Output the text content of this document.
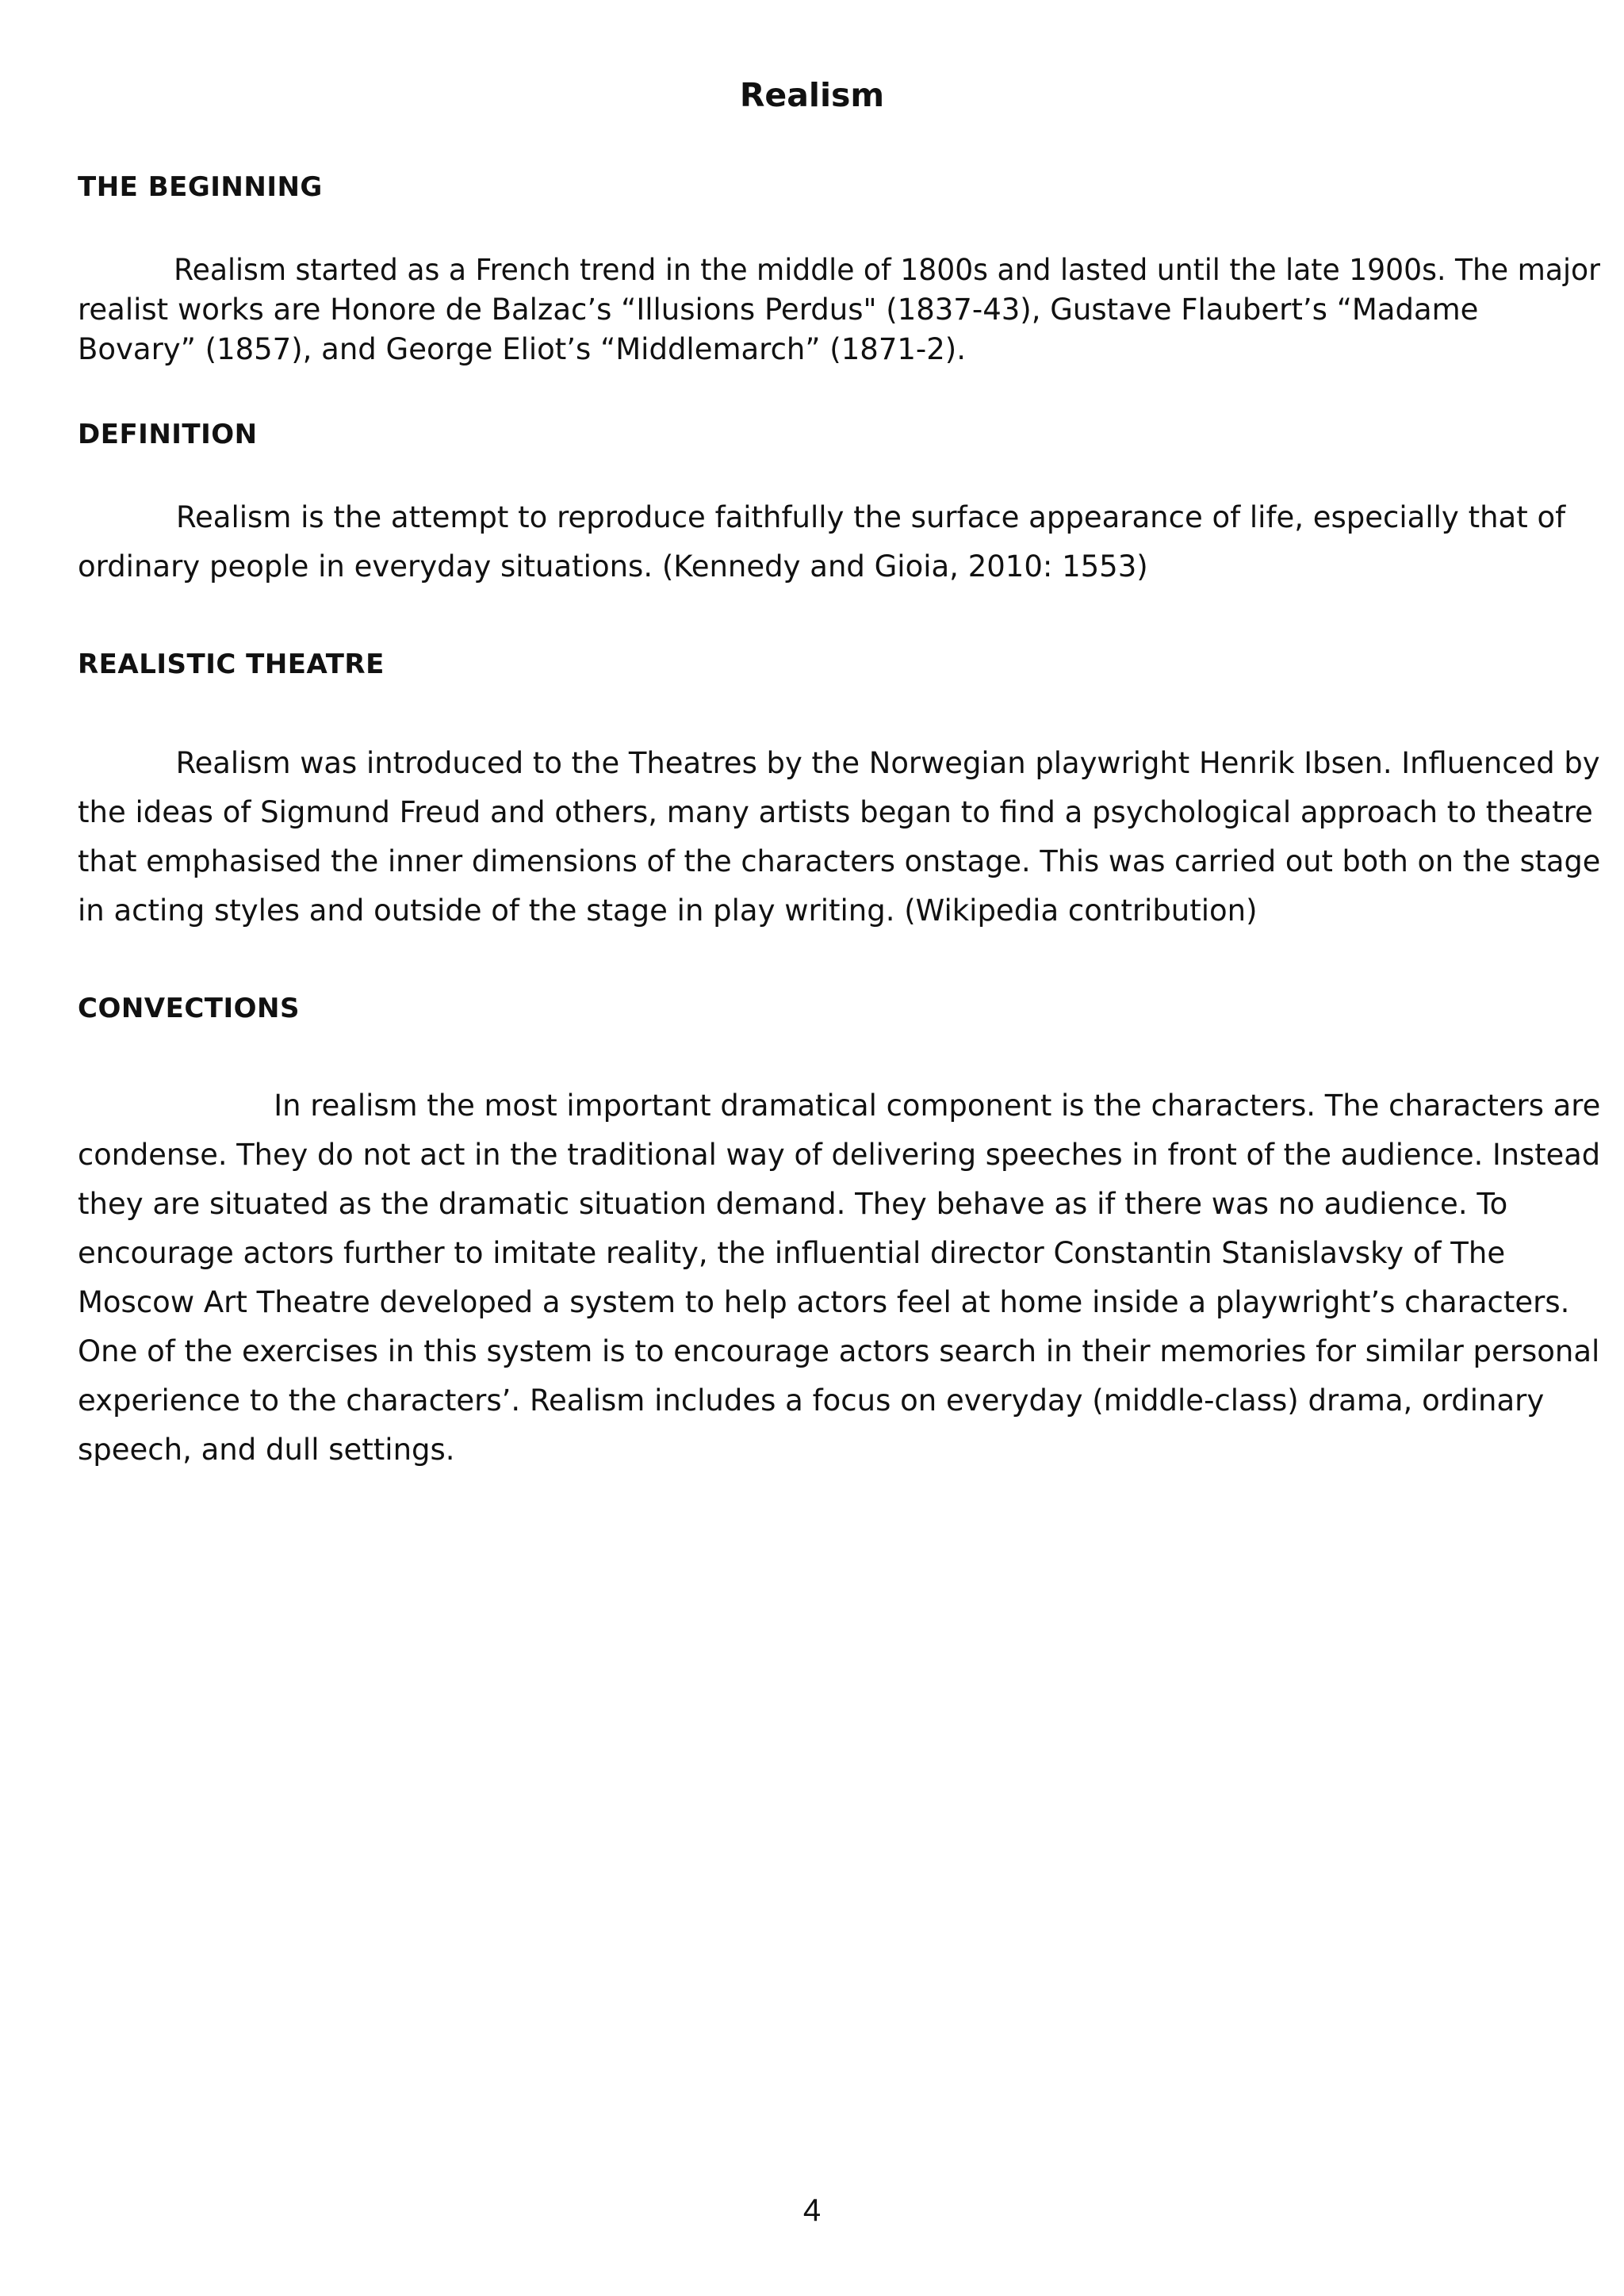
Realism
THE BEGINNING

Realism started as a French trend in the middle of 1800s and lasted until the late 1900s. The major
realist works are Honore de Balzac’s “Illusions Perdus" (1837-43), Gustave Flaubert’s “Madame
Bovary” (1857), and George Eliot’s “Middlemarch” (1871-2).

DEFINITION

Realism is the attempt to reproduce faithfully the surface appearance of life, especially that of
ordinary people in everyday situations. (Kennedy and Gioia, 2010: 1553)

REALISTIC THEATRE

Realism was introduced to the Theatres by the Norwegian playwright Henrik Ibsen. Influenced by
the ideas of Sigmund Freud and others, many artists began to find a psychological approach to theatre
that emphasised the inner dimensions of the characters onstage. This was carried out both on the stage
in acting styles and outside of the stage in play writing. (Wikipedia contribution)

CONVECTIONS

In realism the most important dramatical component is the characters. The characters are
condense. They do not act in the traditional way of delivering speeches in front of the audience. Instead
they are situated as the dramatic situation demand. They behave as if there was no audience. To
encourage actors further to imitate reality, the influential director Constantin Stanislavsky of The
Moscow Art Theatre developed a system to help actors feel at home inside a playwright’s characters.
One of the exercises in this system is to encourage actors search in their memories for similar personal
experience to the characters’. Realism includes a focus on everyday (middle-class) drama, ordinary
speech, and dull settings.

4
